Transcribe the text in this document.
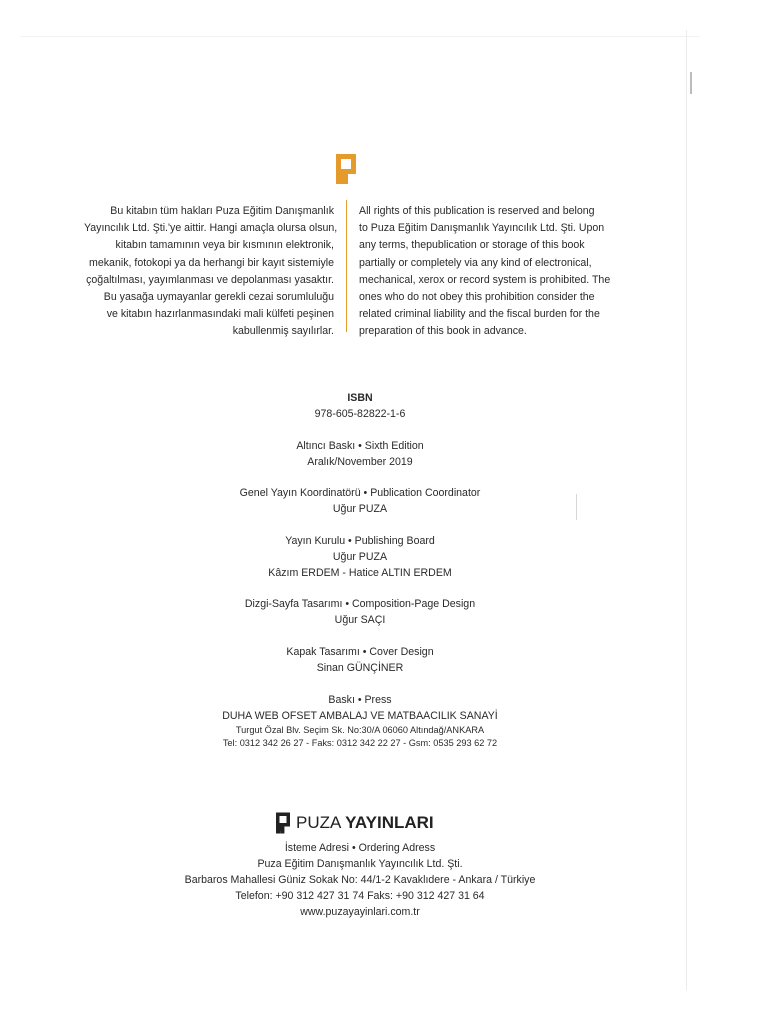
Bu kitabın tüm hakları Puza Eğitim Danışmanlık
Yayıncılık Ltd. Şti.'ye aittir. Hangi amaçla olursa olsun,
kitabın tamamının veya bir kısmının elektronik,
mekanik, fotokopi ya da herhangi bir kayıt sistemiyle
çoğaltılması, yayımlanması ve depolanması yasaktır.
Bu yasağa uymayanlar gerekli cezai sorumluluğu
ve kitabın hazırlanmasındaki mali külfeti peşinen
kabullenmiş sayılırlar.
All rights of this publication is reserved and belong
to Puza Eğitim Danışmanlık Yayıncılık Ltd. Şti. Upon
any terms, thepublication or storage of this book
partially or completely via any kind of electronical,
mechanical, xerox or record system is prohibited. The
ones who do not obey this prohibition consider the
related criminal liability and the fiscal burden for the
preparation of this book in advance.
ISBN
978-605-82822-1-6
Altıncı Baskı • Sixth Edition
Aralık/November 2019
Genel Yayın Koordinatörü • Publication Coordinator
Uğur PUZA
Yayın Kurulu • Publishing Board
Uğur PUZA
Kâzım ERDEM - Hatice ALTIN ERDEM
Dizgi-Sayfa Tasarımı • Composition-Page Design
Uğur SAÇI
Kapak Tasarımı • Cover Design
Sinan GÜNÇİNER
Baskı • Press
DUHA WEB OFSET AMBALAJ VE MATBAACILIK SANAYİ
Turgut Özal Blv. Seçim Sk. No:30/A 06060 Altındağ/ANKARA
Tel: 0312 342 26 27 - Faks: 0312 342 22 27 - Gsm: 0535 293 62 72
PUZA YAYINLARI
İsteme Adresi • Ordering Adress
Puza Eğitim Danışmanlık Yayıncılık Ltd. Şti.
Barbaros Mahallesi Güniz Sokak No: 44/1-2 Kavaklıdere - Ankara / Türkiye
Telefon: +90 312 427 31 74 Faks: +90 312 427 31 64
www.puzayayinlari.com.tr
